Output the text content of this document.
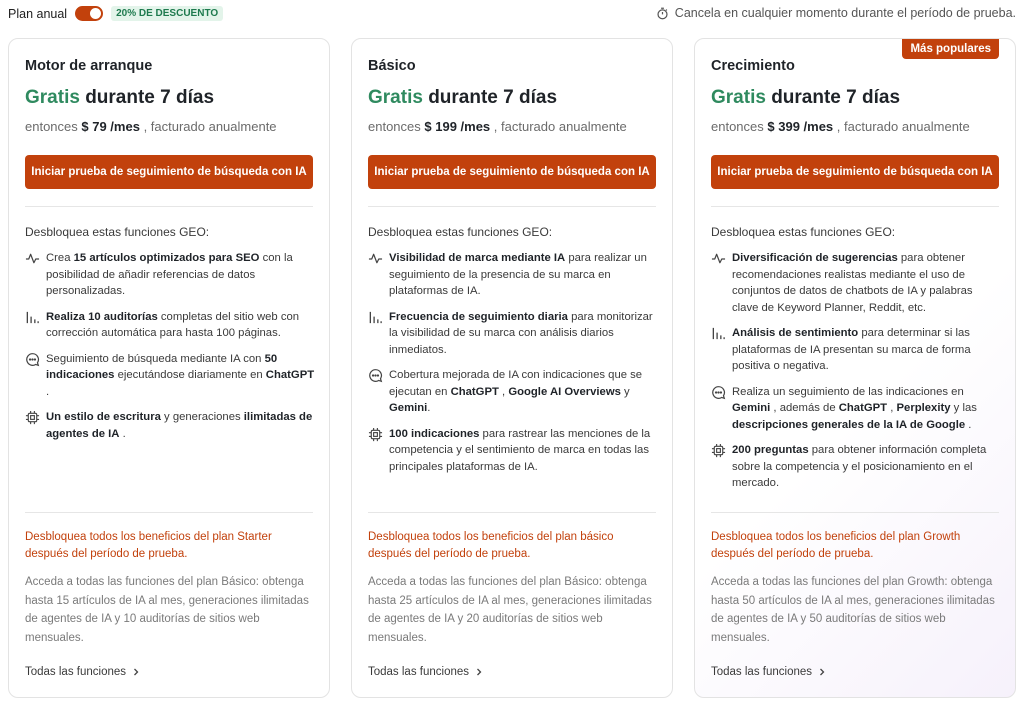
Plan anual	20% DE DESCUENTO	Cancela en cualquier momento durante el período de prueba.
Motor de arranque
Gratis durante 7 días
entonces $ 79 /mes , facturado anualmente
Iniciar prueba de seguimiento de búsqueda con IA
Desbloquea estas funciones GEO:
Crea 15 artículos optimizados para SEO con la posibilidad de añadir referencias de datos personalizadas.
Realiza 10 auditorías completas del sitio web con corrección automática para hasta 100 páginas.
Seguimiento de búsqueda mediante IA con 50 indicaciones ejecutándose diariamente en ChatGPT .
Un estilo de escritura y generaciones ilimitadas de agentes de IA .
Desbloquea todos los beneficios del plan Starter después del período de prueba.
Acceda a todas las funciones del plan Básico: obtenga hasta 15 artículos de IA al mes, generaciones ilimitadas de agentes de IA y 10 auditorías de sitios web mensuales.
Todas las funciones
Básico
Gratis durante 7 días
entonces $ 199 /mes , facturado anualmente
Iniciar prueba de seguimiento de búsqueda con IA
Desbloquea estas funciones GEO:
Visibilidad de marca mediante IA para realizar un seguimiento de la presencia de su marca en plataformas de IA.
Frecuencia de seguimiento diaria para monitorizar la visibilidad de su marca con análisis diarios inmediatos.
Cobertura mejorada de IA con indicaciones que se ejecutan en ChatGPT , Google AI Overviews y Gemini.
100 indicaciones para rastrear las menciones de la competencia y el sentimiento de marca en todas las principales plataformas de IA.
Desbloquea todos los beneficios del plan básico después del período de prueba.
Acceda a todas las funciones del plan Básico: obtenga hasta 25 artículos de IA al mes, generaciones ilimitadas de agentes de IA y 20 auditorías de sitios web mensuales.
Todas las funciones
Más populares
Crecimiento
Gratis durante 7 días
entonces $ 399 /mes , facturado anualmente
Iniciar prueba de seguimiento de búsqueda con IA
Desbloquea estas funciones GEO:
Diversificación de sugerencias para obtener recomendaciones realistas mediante el uso de conjuntos de datos de chatbots de IA y palabras clave de Keyword Planner, Reddit, etc.
Análisis de sentimiento para determinar si las plataformas de IA presentan su marca de forma positiva o negativa.
Realiza un seguimiento de las indicaciones en Gemini , además de ChatGPT , Perplexity y las descripciones generales de la IA de Google .
200 preguntas para obtener información completa sobre la competencia y el posicionamiento en el mercado.
Desbloquea todos los beneficios del plan Growth después del período de prueba.
Acceda a todas las funciones del plan Growth: obtenga hasta 50 artículos de IA al mes, generaciones ilimitadas de agentes de IA y 50 auditorías de sitios web mensuales.
Todas las funciones
